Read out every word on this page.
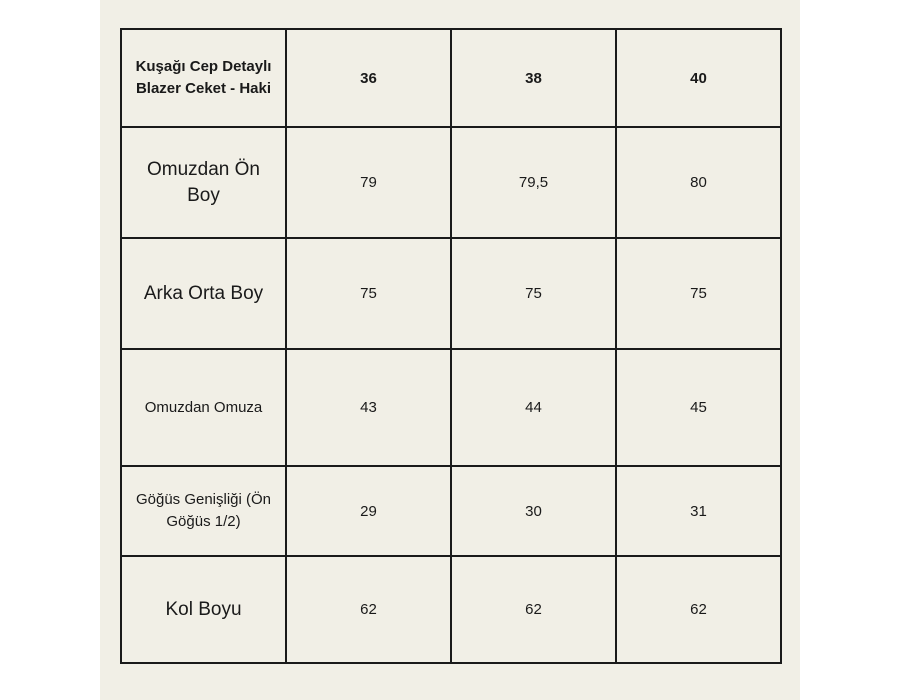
Kuşağı Cep Detaylı Blazer Ceket - Haki	36	38	40
Omuzdan Ön Boy	79	79,5	80
Arka Orta Boy	75	75	75
Omuzdan Omuza	43	44	45
Göğüs Genişliği (Ön Göğüs 1/2)	29	30	31
Kol Boyu	62	62	62
